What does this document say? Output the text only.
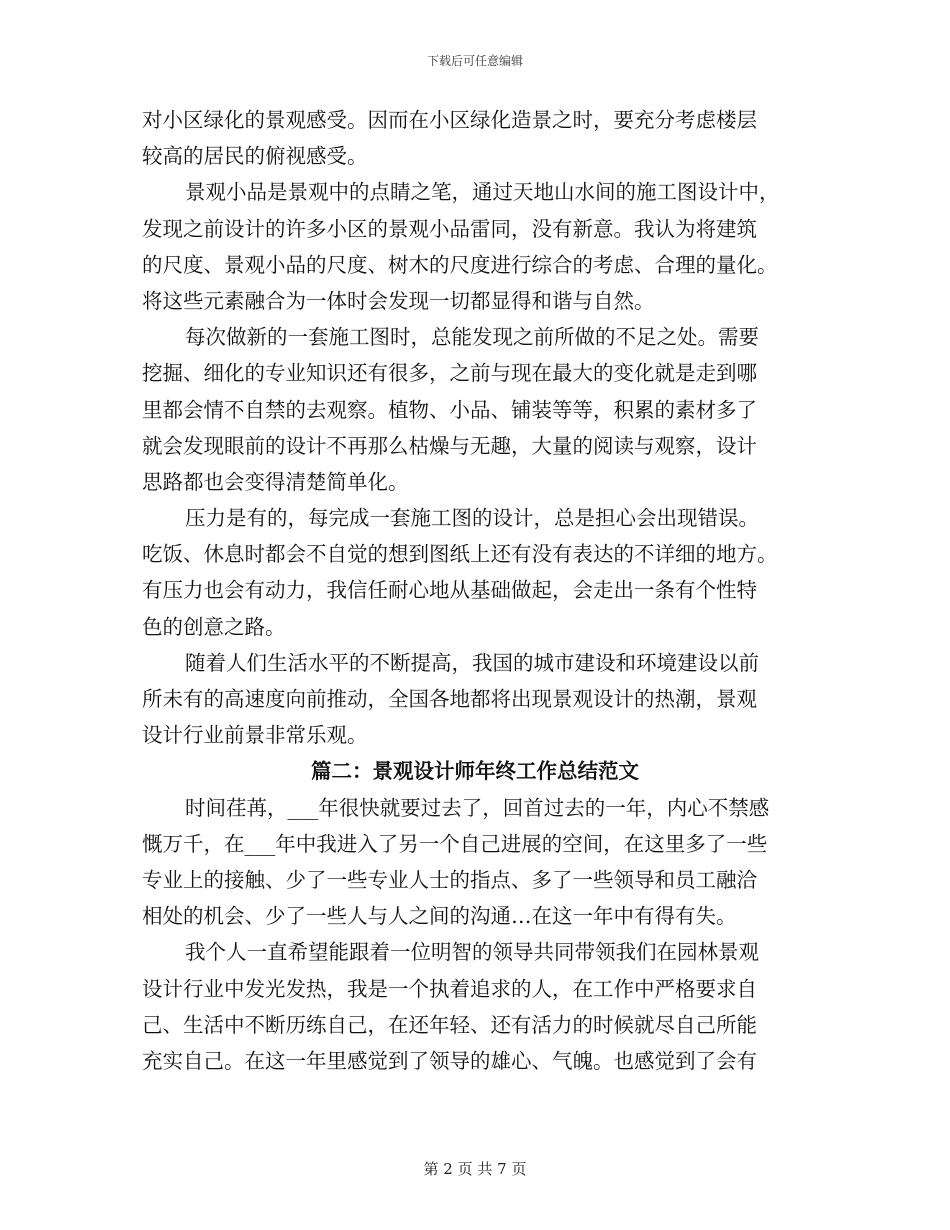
下载后可任意编辑
对小区绿化的景观感受。因而在小区绿化造景之时，要充分考虑楼层
较高的居民的俯视感受。
景观小品是景观中的点睛之笔，通过天地山水间的施工图设计中，
发现之前设计的许多小区的景观小品雷同，没有新意。我认为将建筑
的尺度、景观小品的尺度、树木的尺度进行综合的考虑、合理的量化。
将这些元素融合为一体时会发现一切都显得和谐与自然。
每次做新的一套施工图时，总能发现之前所做的不足之处。需要
挖掘、细化的专业知识还有很多，之前与现在最大的变化就是走到哪
里都会情不自禁的去观察。植物、小品、铺装等等，积累的素材多了
就会发现眼前的设计不再那么枯燥与无趣，大量的阅读与观察，设计
思路都也会变得清楚简单化。
压力是有的，每完成一套施工图的设计，总是担心会出现错误。
吃饭、休息时都会不自觉的想到图纸上还有没有表达的不详细的地方。
有压力也会有动力，我信任耐心地从基础做起，会走出一条有个性特
色的创意之路。
随着人们生活水平的不断提高，我国的城市建设和环境建设以前
所未有的高速度向前推动，全国各地都将出现景观设计的热潮，景观
设计行业前景非常乐观。
篇二：景观设计师年终工作总结范文
时间荏苒，___年很快就要过去了，回首过去的一年，内心不禁感
慨万千，在___年中我进入了另一个自己进展的空间，在这里多了一些
专业上的接触、少了一些专业人士的指点、多了一些领导和员工融洽
相处的机会、少了一些人与人之间的沟通…在这一年中有得有失。
我个人一直希望能跟着一位明智的领导共同带领我们在园林景观
设计行业中发光发热，我是一个执着追求的人，在工作中严格要求自
己、生活中不断历练自己，在还年轻、还有活力的时候就尽自己所能
充实自己。在这一年里感觉到了领导的雄心、气魄。也感觉到了会有
第 2 页 共 7 页
